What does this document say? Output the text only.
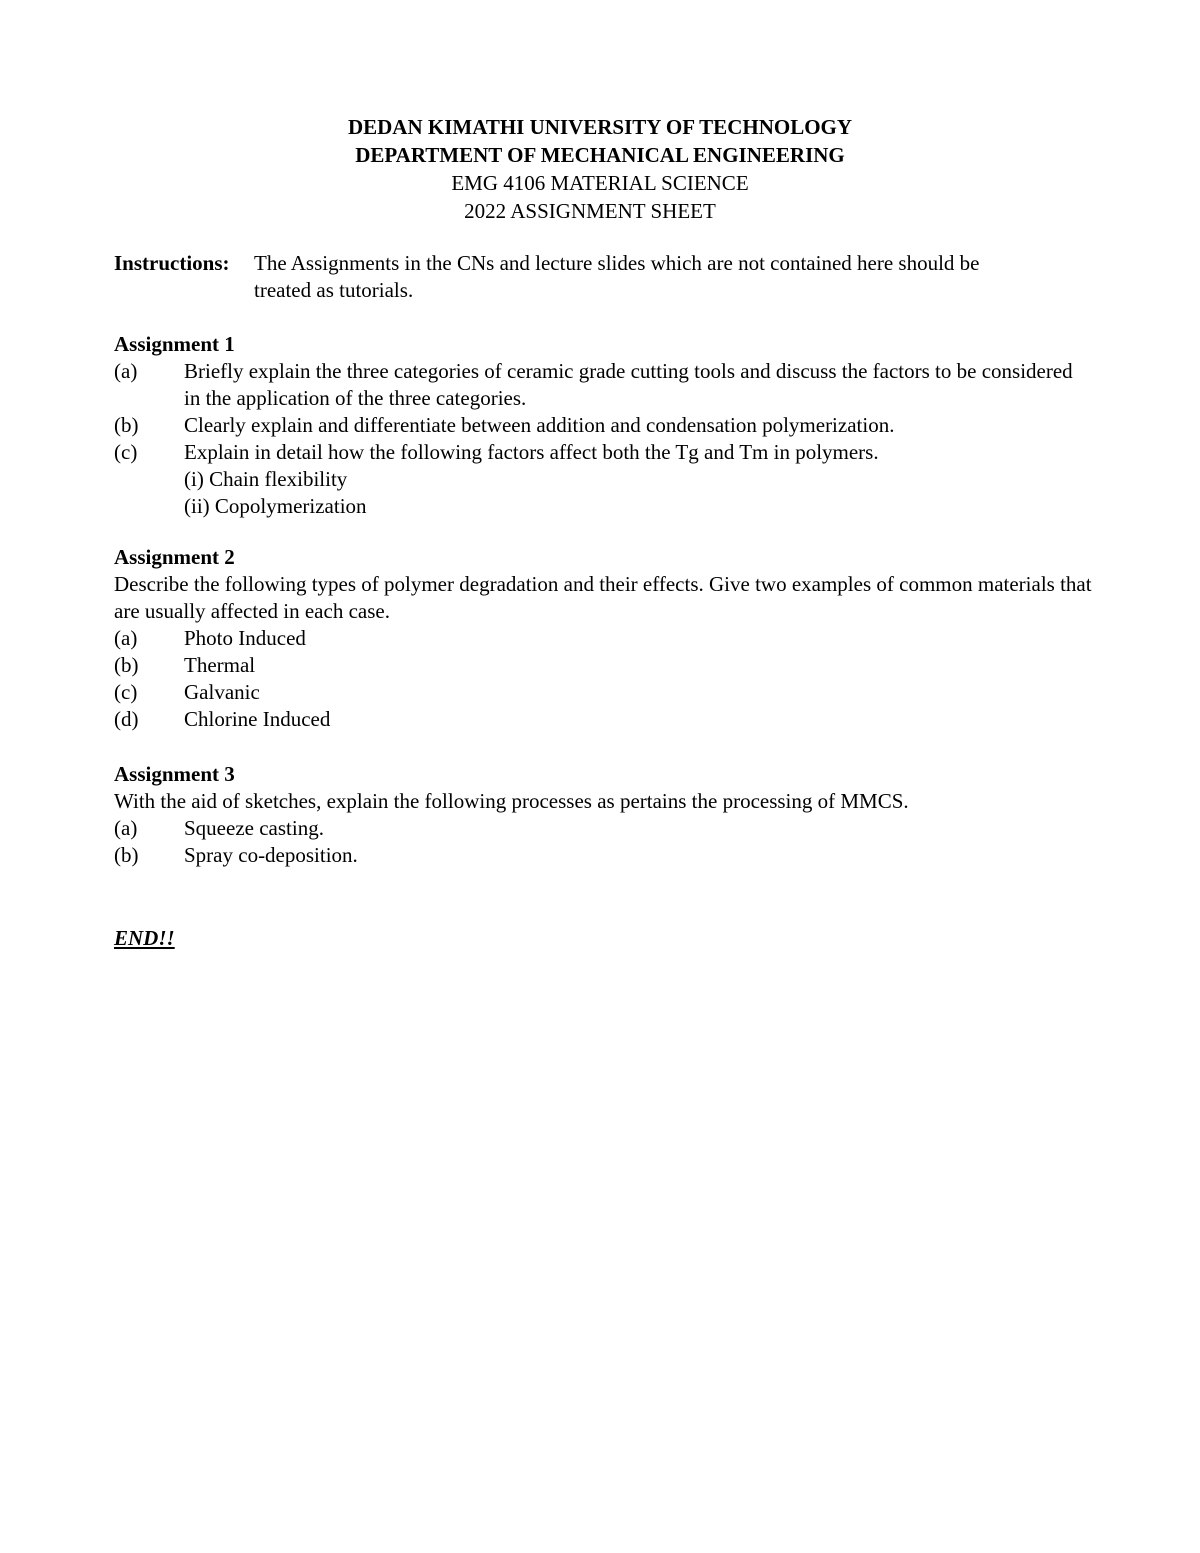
DEDAN KIMATHI UNIVERSITY OF TECHNOLOGY
DEPARTMENT OF MECHANICAL ENGINEERING
EMG 4106 MATERIAL SCIENCE
2022 ASSIGNMENT SHEET
Instructions:	The Assignments in the CNs and lecture slides which are not contained here should be treated as tutorials.
Assignment 1
(a)	Briefly explain the three categories of ceramic grade cutting tools and discuss the factors to be considered in the application of the three categories.
(b)	Clearly explain and differentiate between addition and condensation polymerization.
(c)	Explain in detail how the following factors affect both the Tg and Tm in polymers.
(i) Chain flexibility
(ii) Copolymerization
Assignment 2
Describe the following types of polymer degradation and their effects. Give two examples of common materials that are usually affected in each case.
(a)	Photo Induced
(b)	Thermal
(c)	Galvanic
(d)	Chlorine Induced
Assignment 3
With the aid of sketches, explain the following processes as pertains the processing of MMCS.
(a)	Squeeze casting.
(b)	Spray co-deposition.
END!!
